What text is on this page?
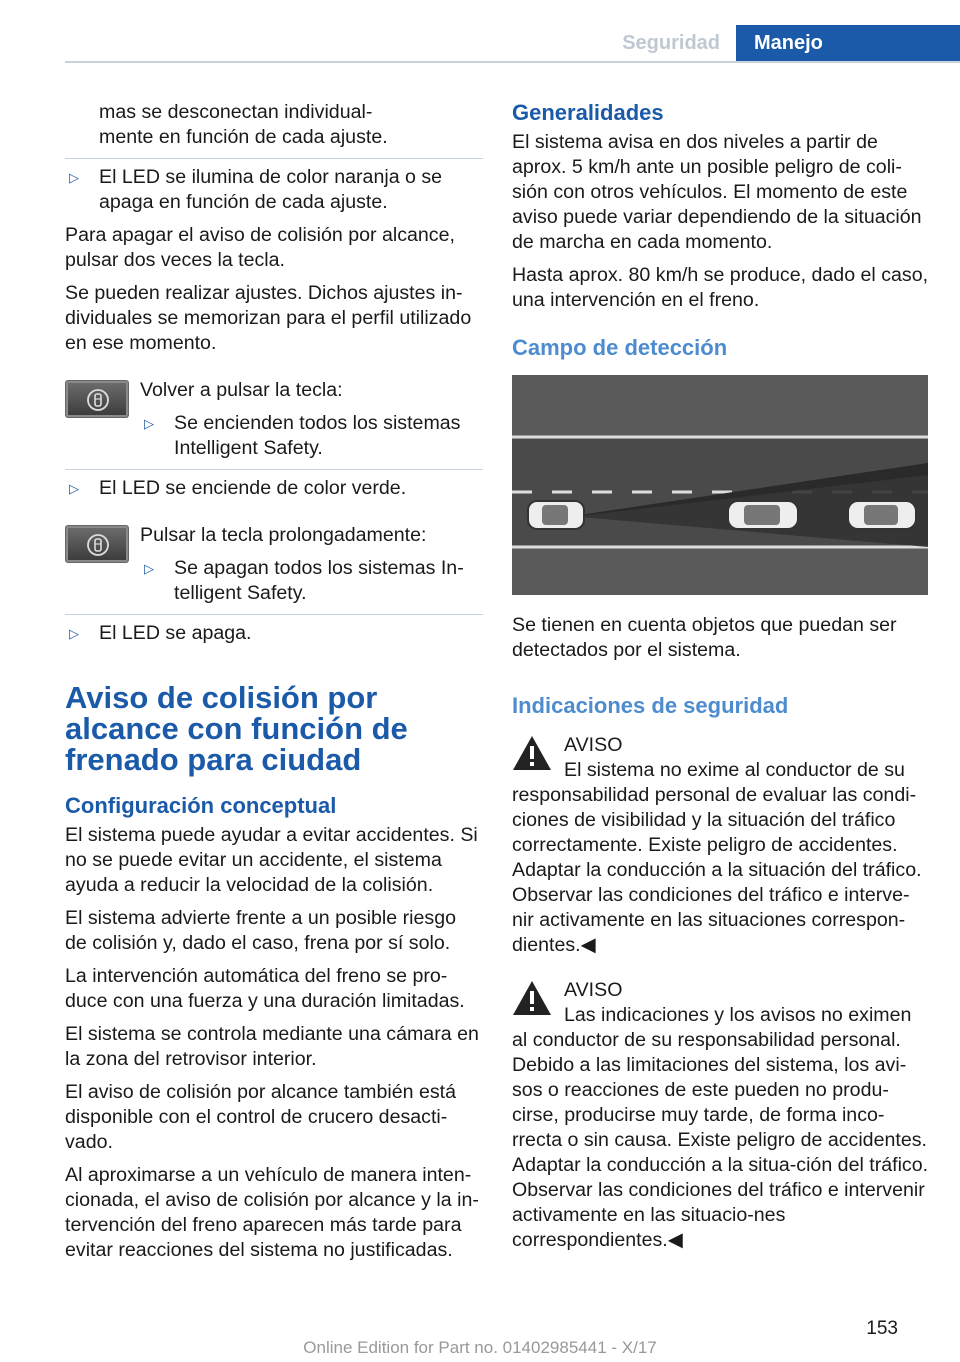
Seguridad	Manejo
mas se desconectan individual-
mente en función de cada ajuste.
▷ El LED se ilumina de color naranja o se apaga en función de cada ajuste.

Para apagar el aviso de colisión por alcance, pulsar dos veces la tecla.

Se pueden realizar ajustes. Dichos ajustes in-dividuales se memorizan para el perfil utilizado en ese momento.

Volver a pulsar la tecla:

▷ Se encienden todos los sistemas Intelligent Safety.
▷ El LED se enciende de color verde.

Pulsar la tecla prolongadamente:

▷ Se apagan todos los sistemas In-telligent Safety.
▷ El LED se apaga.
Aviso de colisión por alcance con función de frenado para ciudad
Configuración conceptual

El sistema puede ayudar a evitar accidentes. Si no se puede evitar un accidente, el sistema ayuda a reducir la velocidad de la colisión.

El sistema advierte frente a un posible riesgo de colisión y, dado el caso, frena por sí solo.

La intervención automática del freno se pro-duce con una fuerza y una duración limitadas.

El sistema se controla mediante una cámara en la zona del retrovisor interior.

El aviso de colisión por alcance también está disponible con el control de crucero desacti-vado.

Al aproximarse a un vehículo de manera inten-cionada, el aviso de colisión por alcance y la in-tervención del freno aparecen más tarde para evitar reacciones del sistema no justificadas.

Generalidades

El sistema avisa en dos niveles a partir de aprox. 5 km/h ante un posible peligro de coli-sión con otros vehículos. El momento de este aviso puede variar dependiendo de la situación de marcha en cada momento.

Hasta aprox. 80 km/h se produce, dado el caso, una intervención en el freno.

Campo de detección

Se tienen en cuenta objetos que puedan ser detectados por el sistema.

Indicaciones de seguridad
AVISO
El sistema no exime al conductor de su
responsabilidad personal de evaluar las condi-ciones de visibilidad y la situación del tráfico correctamente. Existe peligro de accidentes. Adaptar la conducción a la situación del tráfico. Observar las condiciones del tráfico e interve-nir activamente en las situaciones correspon-dientes.◀
AVISO
Las indicaciones y los avisos no eximen
al conductor de su responsabilidad personal. Debido a las limitaciones del sistema, los avi-sos o reacciones de este pueden no produ-cirse, producirse muy tarde, de forma inco-rrecta o sin causa. Existe peligro de accidentes. Adaptar la conducción a la situa-ción del tráfico. Observar las condiciones del tráfico e intervenir activamente en las situacio-nes correspondientes.◀
153
Online Edition for Part no. 01402985441 - X/17
